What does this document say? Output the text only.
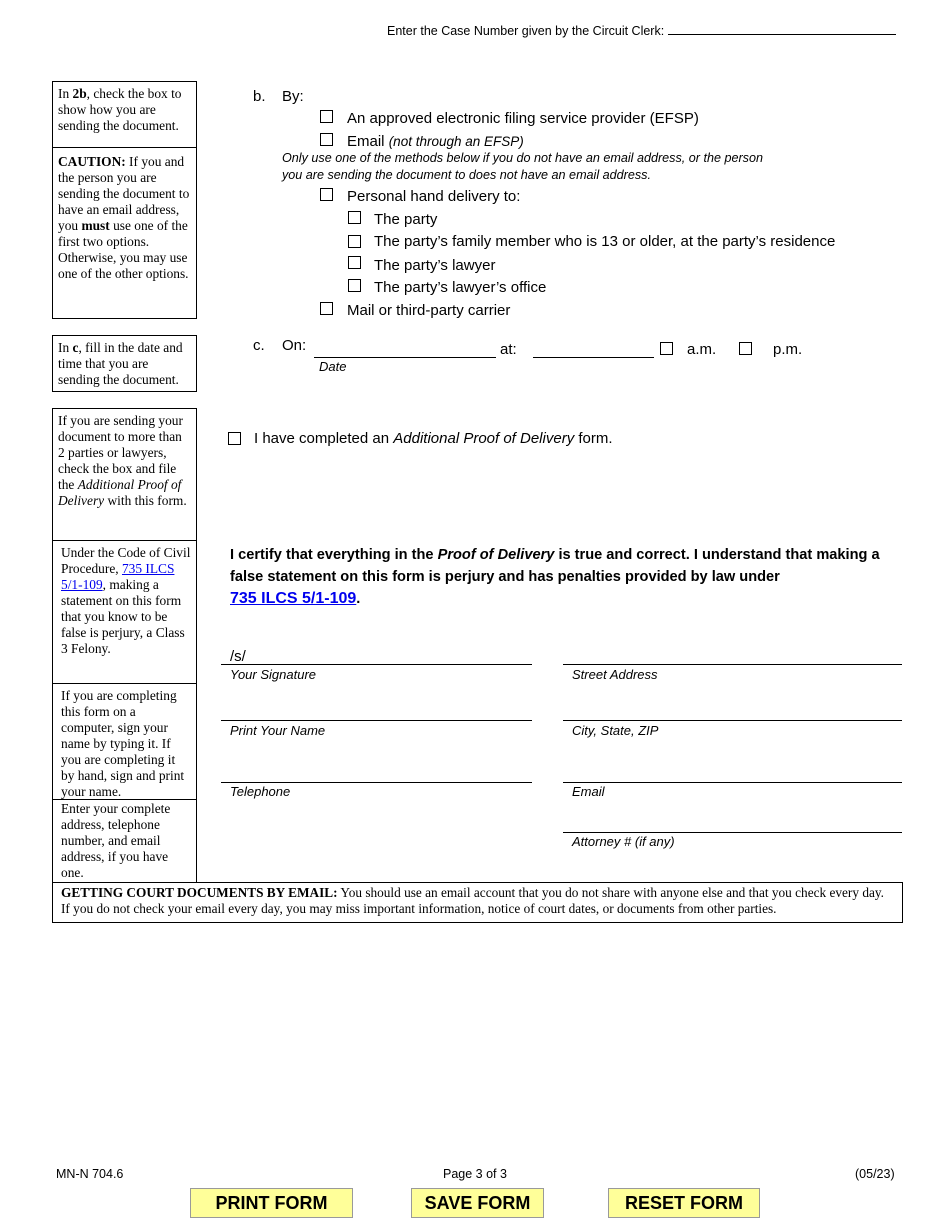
Enter the Case Number given by the Circuit Clerk:
In 2b, check the box to show how you are sending the document.
CAUTION: If you and the person you are sending the document to have an email address, you must use one of the first two options. Otherwise, you may use one of the other options.
In c, fill in the date and time that you are sending the document.
If you are sending your document to more than 2 parties or lawyers, check the box and file the Additional Proof of Delivery with this form.
Under the Code of Civil Procedure, 735 ILCS 5/1-109, making a statement on this form that you know to be false is perjury, a Class 3 Felony.
If you are completing this form on a computer, sign your name by typing it. If you are completing it by hand, sign and print your name.
Enter your complete address, telephone number, and email address, if you have one.
b. By:
An approved electronic filing service provider (EFSP)
Email (not through an EFSP)
Only use one of the methods below if you do not have an email address, or the person you are sending the document to does not have an email address.
Personal hand delivery to:
The party
The party’s family member who is 13 or older, at the party’s residence
The party’s lawyer
The party’s lawyer’s office
Mail or third-party carrier
c. On:
Date
at:	a.m.	p.m.
I have completed an Additional Proof of Delivery form.
I certify that everything in the Proof of Delivery is true and correct. I understand that making a false statement on this form is perjury and has penalties provided by law under
735 ILCS 5/1-109.
/s/
Your Signature
Print Your Name
Telephone
Street Address
City, State, ZIP
Email
Attorney # (if any)
GETTING COURT DOCUMENTS BY EMAIL: You should use an email account that you do not share with anyone else and that you check every day. If you do not check your email every day, you may miss important information, notice of court dates, or documents from other parties.
MN-N 704.6	Page 3 of 3	(05/23)
PRINT FORM	SAVE FORM	RESET FORM
